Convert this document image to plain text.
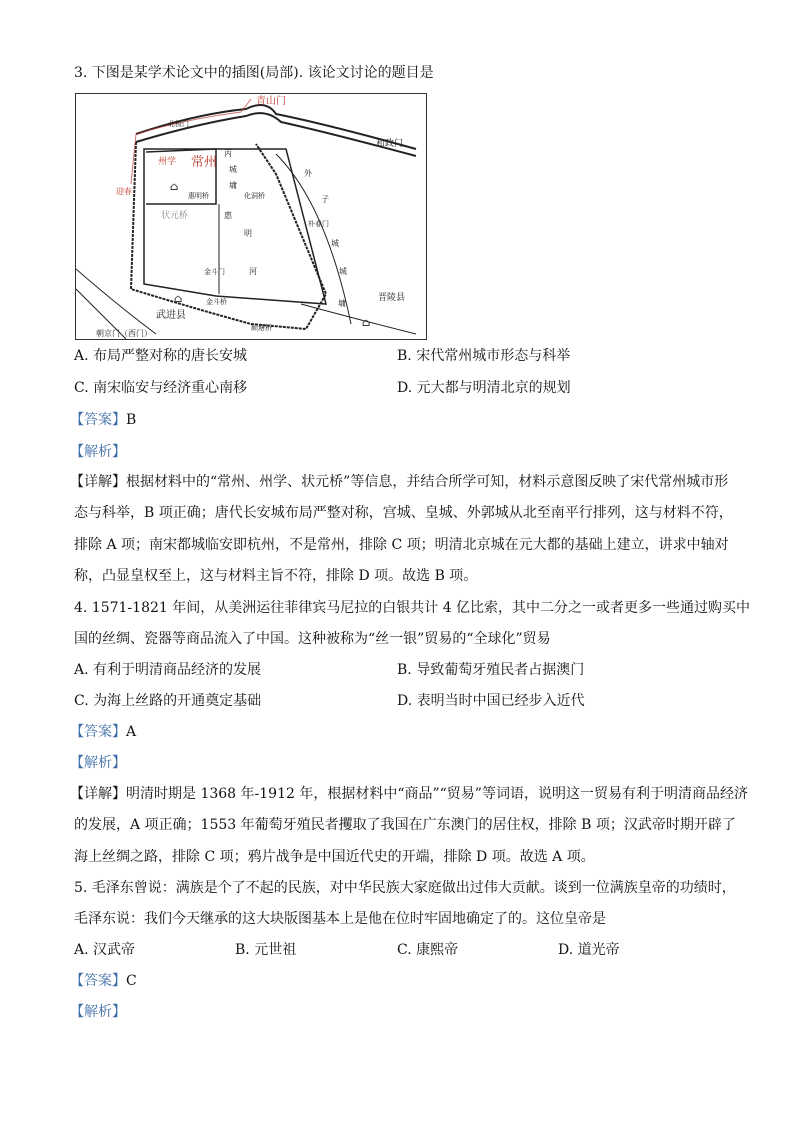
3. 下图是某学术论文中的插图(局部). 该论文讨论的题目是
青山门
北极门
和政门
常州
州学
丙
城
墉
迎春	惠明桥	化洞桥
状元桥	惠
明
河
外
子
朴春门
城
城
墉
金斗门
金斗桥
武进县
晋陵县
顺塘桥
朝京门（西门）
⌂
⌂
⌂
A. 布局严整对称的唐长安城	B. 宋代常州城市形态与科举
C. 南宋临安与经济重心南移	D. 元大都与明清北京的规划
【答案】B
【解析】
【详解】根据材料中的“常州、州学、状元桥”等信息，并结合所学可知，材料示意图反映了宋代常州城市形
态与科举，B 项正确；唐代长安城布局严整对称，宫城、皇城、外郭城从北至南平行排列，这与材料不符，
排除 A 项；南宋都城临安即杭州，不是常州，排除 C 项；明清北京城在元大都的基础上建立，讲求中轴对
称，凸显皇权至上，这与材料主旨不符，排除 D 项。故选 B 项。
4. 1571-1821 年间，从美洲运往菲律宾马尼拉的白银共计 4 亿比索，其中二分之一或者更多一些通过购买中
国的丝绸、瓷器等商品流入了中国。这种被称为“丝一银”贸易的“全球化”贸易
A. 有利于明清商品经济的发展	B. 导致葡萄牙殖民者占据澳门
C. 为海上丝路的开通奠定基础	D. 表明当时中国已经步入近代
【答案】A
【解析】
【详解】明清时期是 1368 年-1912 年，根据材料中“商品”“贸易”等词语，说明这一贸易有利于明清商品经济
的发展，A 项正确；1553 年葡萄牙殖民者攫取了我国在广东澳门的居住权，排除 B 项；汉武帝时期开辟了
海上丝绸之路，排除 C 项；鸦片战争是中国近代史的开端，排除 D 项。故选 A 项。
5. 毛泽东曾说：满族是个了不起的民族，对中华民族大家庭做出过伟大贡献。谈到一位满族皇帝的功绩时，
毛泽东说：我们今天继承的这大块版图基本上是他在位时牢固地确定了的。这位皇帝是
A. 汉武帝	B. 元世祖	C. 康熙帝	D. 道光帝
【答案】C
【解析】
